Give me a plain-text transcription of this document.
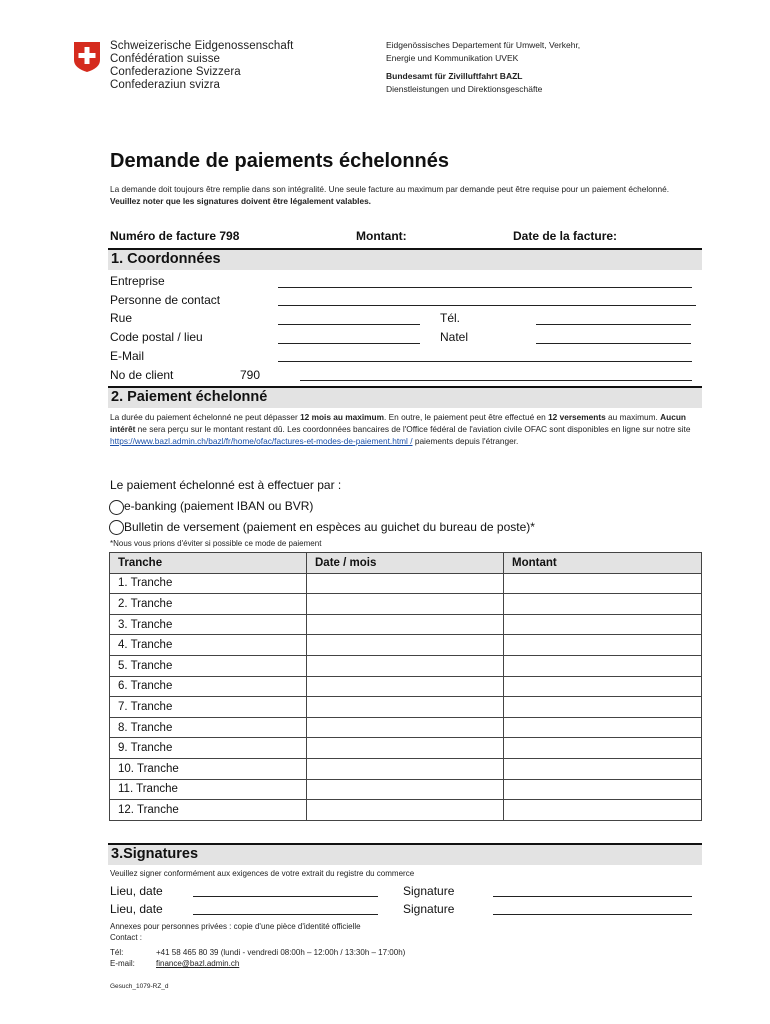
Schweizerische Eidgenossenschaft
Confédération suisse
Confederazione Svizzera
Confederaziun svizra
Eidgenössisches Departement für Umwelt, Verkehr,
Energie und Kommunikation UVEK
Bundesamt für Zivilluftfahrt BAZL
Dienstleistungen und Direktionsgeschäfte
Demande de paiements échelonnés
La demande doit toujours être remplie dans son intégralité. Une seule facture au maximum par demande peut être requise pour un paiement échelonné. Veuillez noter que les signatures doivent être légalement valables.
Numéro de facture 798	Montant:	Date de la facture:
1. Coordonnées
Entreprise
Personne de contact
Rue	Tél.
Code postal / lieu	Natel
E-Mail
No de client	790
2. Paiement échelonné
La durée du paiement échelonné ne peut dépasser 12 mois au maximum. En outre, le paiement peut être effectué en 12 versements au maximum. Aucun intérêt ne sera perçu sur le montant restant dû. Les coordonnées bancaires de l'Office fédéral de l'aviation civile OFAC sont disponibles en ligne sur notre site https://www.bazl.admin.ch/bazl/fr/home/ofac/factures-et-modes-de-paiement.html / paiements depuis l'étranger.
Le paiement échelonné est à effectuer par :
e-banking (paiement IBAN ou BVR)
Bulletin de versement (paiement en espèces au guichet du bureau de poste)*
*Nous vous prions d'éviter si possible ce mode de paiement
Tranche	Date / mois	Montant
1. Tranche		
2. Tranche		
3. Tranche		
4. Tranche		
5. Tranche		
6. Tranche		
7. Tranche		
8. Tranche		
9. Tranche		
10. Tranche		
11. Tranche		
12. Tranche		
3.Signatures
Veuillez signer conformément aux exigences de votre extrait du registre du commerce
Lieu, date	Signature
Lieu, date	Signature
Annexes pour personnes privées : copie d'une pièce d'identité officielle
Contact :
Tél:	+41 58 465 80 39 (lundi - vendredi 08:00h – 12:00h / 13:30h – 17:00h)
E-mail:	finance@bazl.admin.ch
Gesuch_1079-RZ_d
